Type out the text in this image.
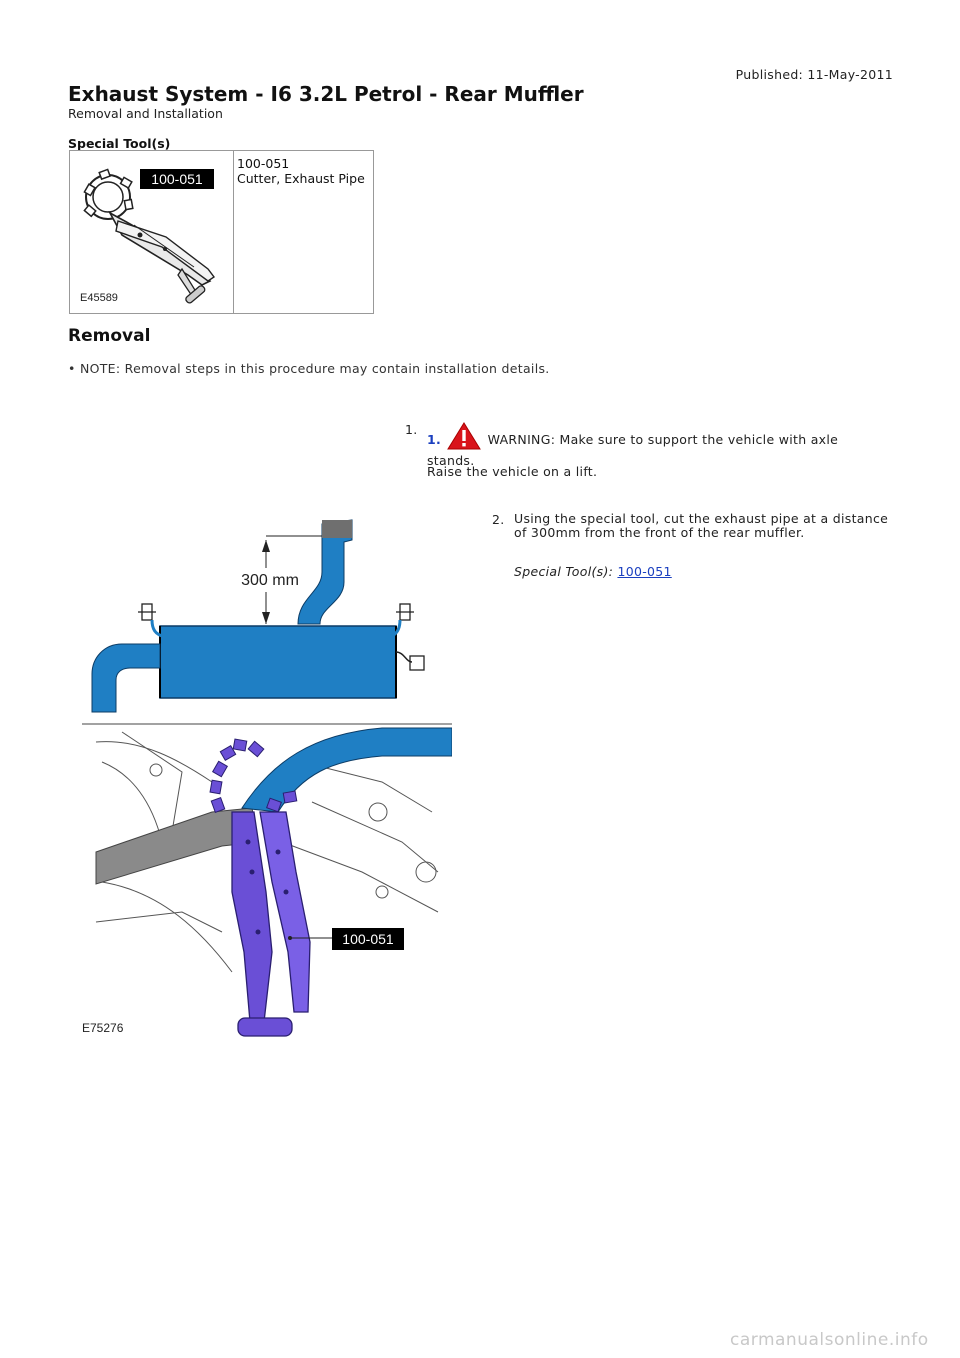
Published: 11-May-2011
Exhaust System - I6 3.2L Petrol - Rear Muffler
Removal and Installation
Special Tool(s)
100-051
E45589
100-051
Cutter, Exhaust Pipe
Removal
• NOTE: Removal steps in this procedure may contain installation details.
1.
1.	WARNING: Make sure to support the vehicle with axle stands.
Raise the vehicle on a lift.
2. Using the special tool, cut the exhaust pipe at a distance of 300mm from the front of the rear muffler.
Special Tool(s): 100-051
300 mm
100-051
E75276
carmanualsonline.info
